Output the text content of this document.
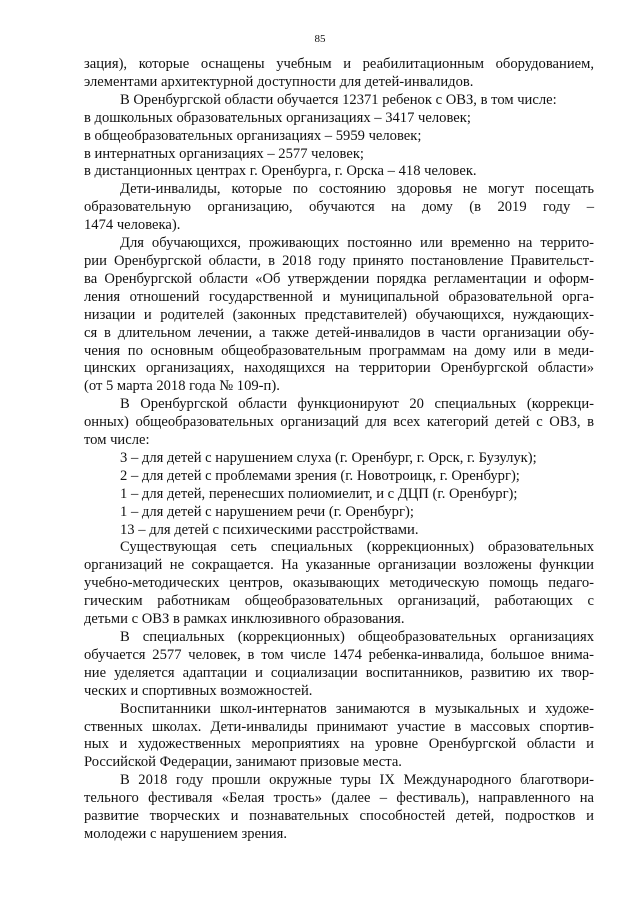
85
зация), которые оснащены учебным и реабилитационным оборудованием,
элементами архитектурной доступности для детей-инвалидов.
В Оренбургской области обучается 12371 ребенок с ОВЗ, в том числе:
в дошкольных образовательных организациях – 3417 человек;
в общеобразовательных организациях – 5959 человек;
в интернатных организациях – 2577 человек;
в дистанционных центрах г. Оренбурга, г. Орска – 418 человек.
Дети-инвалиды, которые по состоянию здоровья не могут посещать
образовательную организацию, обучаются на дому (в 2019 году –
1474 человека).
Для обучающихся, проживающих постоянно или временно на террито-
рии Оренбургской области, в 2018 году принято постановление Правительст-
ва Оренбургской области «Об утверждении порядка регламентации и оформ-
ления отношений государственной и муниципальной образовательной орга-
низации и родителей (законных представителей) обучающихся, нуждающих-
ся в длительном лечении, а также детей-инвалидов в части организации обу-
чения по основным общеобразовательным программам на дому или в меди-
цинских организациях, находящихся на территории Оренбургской области»
(от 5 марта 2018 года № 109-п).
В Оренбургской области функционируют 20 специальных (коррекци-
онных) общеобразовательных организаций для всех категорий детей с ОВЗ, в
том числе:
3 – для детей с нарушением слуха (г. Оренбург, г. Орск, г. Бузулук);
2 – для детей с проблемами зрения (г. Новотроицк, г. Оренбург);
1 – для детей, перенесших полиомиелит, и с ДЦП (г. Оренбург);
1 – для детей с нарушением речи (г. Оренбург);
13 – для детей с психическими расстройствами.
Существующая сеть специальных (коррекционных) образовательных
организаций не сокращается. На указанные организации возложены функции
учебно-методических центров, оказывающих методическую помощь педаго-
гическим работникам общеобразовательных организаций, работающих с
детьми с ОВЗ в рамках инклюзивного образования.
В специальных (коррекционных) общеобразовательных организациях
обучается 2577 человек, в том числе 1474 ребенка-инвалида, большое внима-
ние уделяется адаптации и социализации воспитанников, развитию их твор-
ческих и спортивных возможностей.
Воспитанники школ-интернатов занимаются в музыкальных и художе-
ственных школах. Дети-инвалиды принимают участие в массовых спортив-
ных и художественных мероприятиях на уровне Оренбургской области и
Российской Федерации, занимают призовые места.
В 2018 году прошли окружные туры IX Международного благотвори-
тельного фестиваля «Белая трость» (далее – фестиваль), направленного на
развитие творческих и познавательных способностей детей, подростков и
молодежи с нарушением зрения.
